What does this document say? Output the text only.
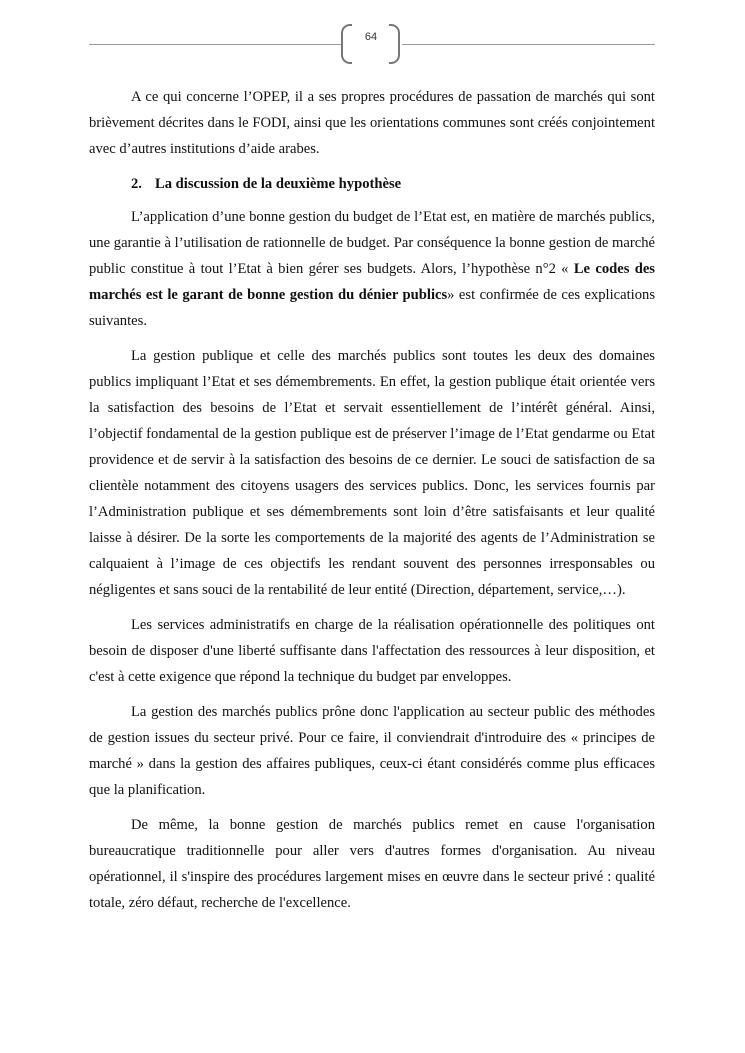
64

A ce qui concerne l’OPEP, il a ses propres procédures de passation de marchés qui sont brièvement décrites dans le FODI, ainsi que les orientations communes sont créés conjointement avec d’autres institutions d’aide arabes.

2. La discussion de la deuxième hypothèse

L’application d’une bonne gestion du budget de l’Etat est, en matière de marchés publics, une garantie à l’utilisation de rationnelle de budget. Par conséquence la bonne gestion de marché public constitue à tout l’Etat à bien gérer ses budgets. Alors, l’hypothèse n°2 « Le codes des marchés est le garant de bonne gestion du dénier publics» est confirmée de ces explications suivantes.

La gestion publique et celle des marchés publics sont toutes les deux des domaines publics impliquant l’Etat et ses démembrements. En effet, la gestion publique était orientée vers la satisfaction des besoins de l’Etat et servait essentiellement de l’intérêt général. Ainsi, l’objectif fondamental de la gestion publique est de préserver l’image de l’Etat gendarme ou Etat providence et de servir à la satisfaction des besoins de ce dernier. Le souci de satisfaction de sa clientèle notamment des citoyens usagers des services publics. Donc, les services fournis par l’Administration publique et ses démembrements sont loin d’être satisfaisants et leur qualité laisse à désirer. De la sorte les comportements de la majorité des agents de l’Administration se calquaient à l’image de ces objectifs les rendant souvent des personnes irresponsables ou négligentes et sans souci de la rentabilité de leur entité (Direction, département, service,…).

Les services administratifs en charge de la réalisation opérationnelle des politiques ont besoin de disposer d'une liberté suffisante dans l'affectation des ressources à leur disposition, et c'est à cette exigence que répond la technique du budget par enveloppes.

La gestion des marchés publics prône donc l'application au secteur public des méthodes de gestion issues du secteur privé. Pour ce faire, il conviendrait d'introduire des « principes de marché » dans la gestion des affaires publiques, ceux-ci étant considérés comme plus efficaces que la planification.

De même, la bonne gestion de marchés publics remet en cause l'organisation bureaucratique traditionnelle pour aller vers d'autres formes d'organisation. Au niveau opérationnel, il s'inspire des procédures largement mises en œuvre dans le secteur privé : qualité totale, zéro défaut, recherche de l'excellence.
